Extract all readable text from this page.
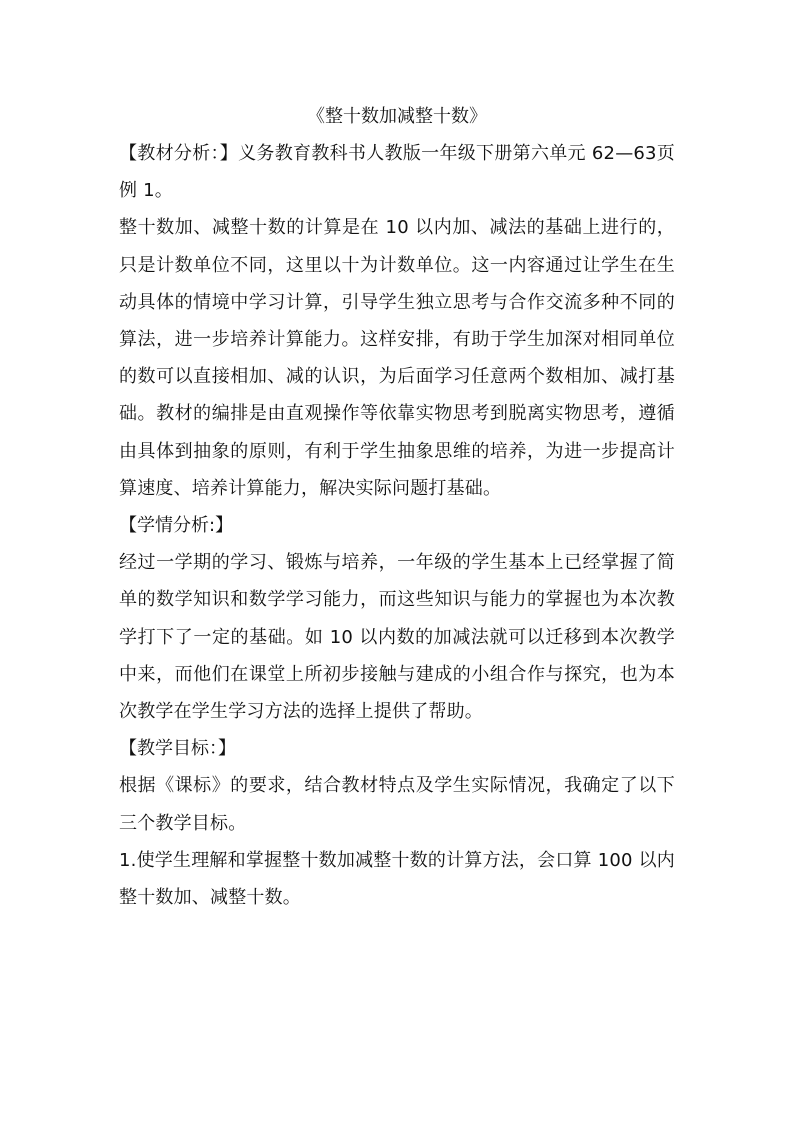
《整十数加减整十数》

【教材分析：】义务教育教科书人教版一年级下册第六单元 62—63页例 1。

整十数加、减整十数的计算是在 10 以内加、减法的基础上进行的，只是计数单位不同，这里以十为计数单位。这一内容通过让学生在生动具体的情境中学习计算，引导学生独立思考与合作交流多种不同的算法，进一步培养计算能力。这样安排，有助于学生加深对相同单位的数可以直接相加、减的认识，为后面学习任意两个数相加、减打基础。教材的编排是由直观操作等依靠实物思考到脱离实物思考，遵循由具体到抽象的原则，有利于学生抽象思维的培养，为进一步提高计算速度、培养计算能力，解决实际问题打基础。

【学情分析:】

经过一学期的学习、锻炼与培养，一年级的学生基本上已经掌握了简单的数学知识和数学学习能力，而这些知识与能力的掌握也为本次教学打下了一定的基础。如 10 以内数的加减法就可以迁移到本次教学中来，而他们在课堂上所初步接触与建成的小组合作与探究，也为本次教学在学生学习方法的选择上提供了帮助。

【教学目标：】

根据《课标》的要求，结合教材特点及学生实际情况，我确定了以下三个教学目标。

1.使学生理解和掌握整十数加减整十数的计算方法，会口算 100 以内整十数加、减整十数。
